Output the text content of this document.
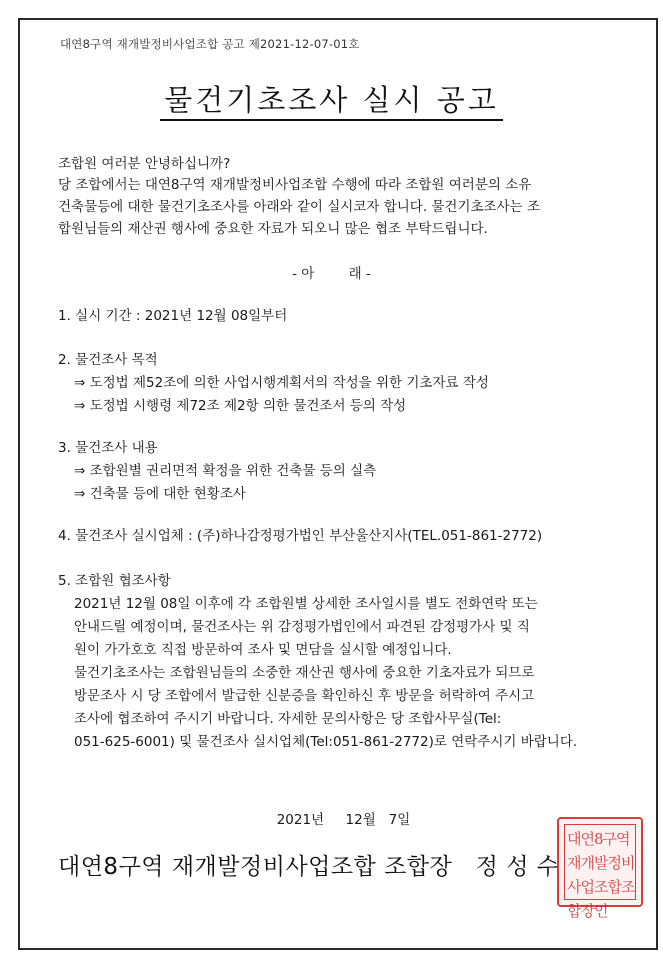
대연8구역 재개발정비사업조합 공고 제2021-12-07-01호
물건기초조사 실시 공고
조합원 여러분 안녕하십니까?
당 조합에서는 대연8구역 재개발정비사업조합 수행에 따라 조합원 여러분의 소유
건축물등에 대한 물건기초조사를 아래와 같이 실시코자 합니다. 물건기초조사는 조
합원님들의 재산권 행사에 중요한 자료가 되오니 많은 협조 부탁드립니다.
- 아        래 -
1. 실시 기간 : 2021년 12월 08일부터
2. 물건조사 목적
⇒ 도정법 제52조에 의한 사업시행계획서의 작성을 위한 기초자료 작성
⇒ 도정법 시행령 제72조 제2항 의한 물건조서 등의 작성
3. 물건조사 내용
⇒ 조합원별 권리면적 확정을 위한 건축물 등의 실측
⇒ 건축물 등에 대한 현황조사
4. 물건조사 실시업체 : (주)하나감정평가법인 부산울산지사(TEL.051-861-2772)
5. 조합원 협조사항
2021년 12월 08일 이후에 각 조합원별 상세한 조사일시를 별도 전화연락 또는
안내드릴 예정이며, 물건조사는 위 감정평가법인에서 파견된 감정평가사 및 직
원이 가가호호 직접 방문하여 조사 및 면담을 실시할 예정입니다.
물건기초조사는 조합원님들의 소중한 재산권 행사에 중요한 기초자료가 되므로
방문조사 시 당 조합에서 발급한 신분증을 확인하신 후 방문을 허락하여 주시고
조사에 협조하여 주시기 바랍니다. 자세한 문의사항은 당 조합사무실(Tel:
051-625-6001) 및 물건조사 실시업체(Tel:051-861-2772)로 연락주시기 바랍니다.
2021년     12월   7일
대연8구역 재개발정비사업조합 조합장   정 성 수
대연8구역재개발정비사업조합조합장인
